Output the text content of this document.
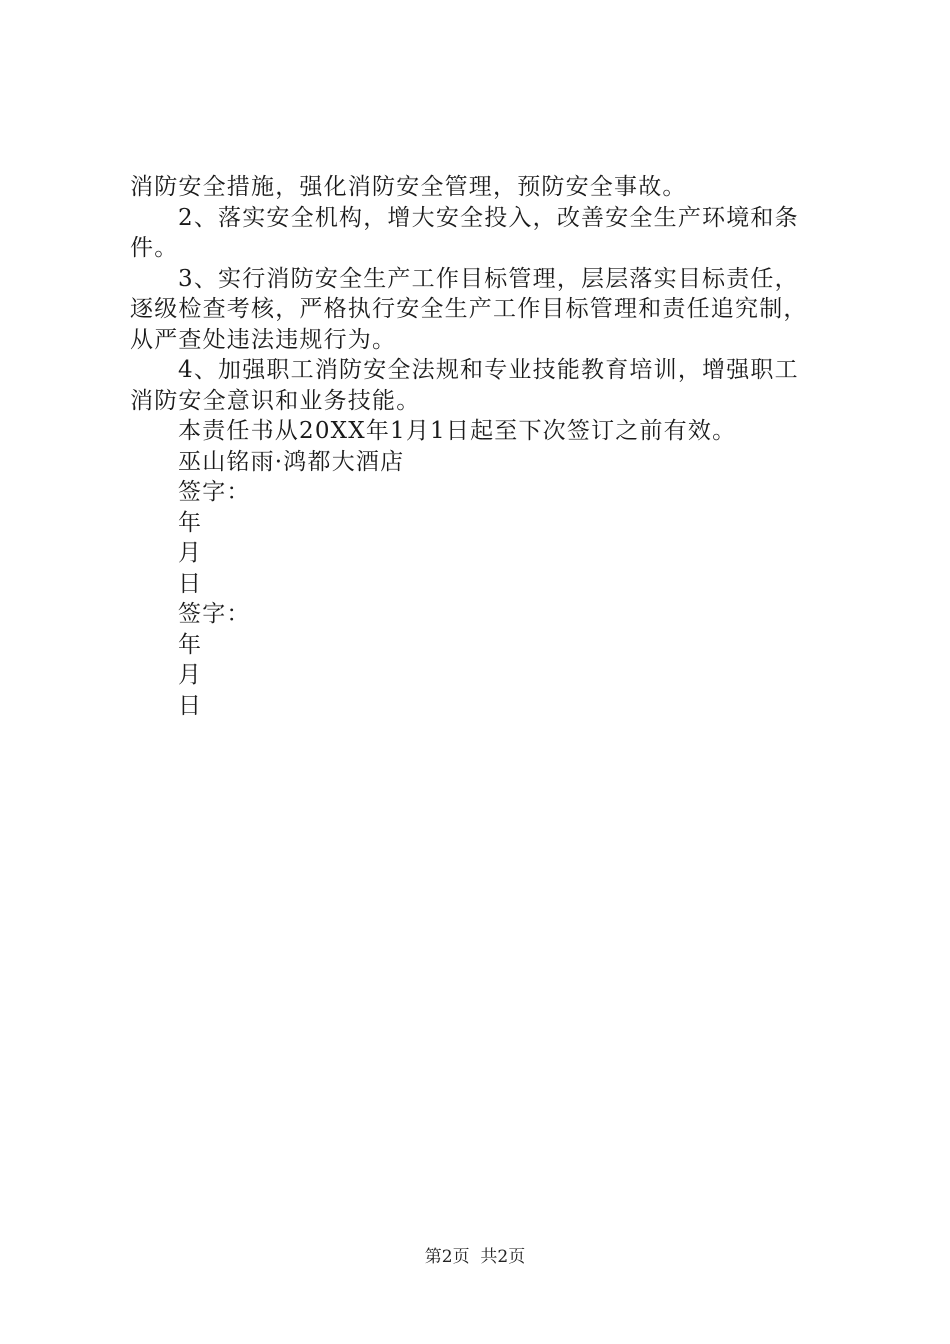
消防安全措施，强化消防安全管理，预防安全事故。
2、落实安全机构，增大安全投入，改善安全生产环境和条
件。
3、实行消防安全生产工作目标管理，层层落实目标责任，
逐级检查考核，严格执行安全生产工作目标管理和责任追究制，
从严查处违法违规行为。
4、加强职工消防安全法规和专业技能教育培训，增强职工
消防安全意识和业务技能。
本责任书从20XX年1月1日起至下次签订之前有效。
巫山铭雨·鸿都大酒店
签字：
年
月
日
签字：
年
月
日
第2页 共2页
